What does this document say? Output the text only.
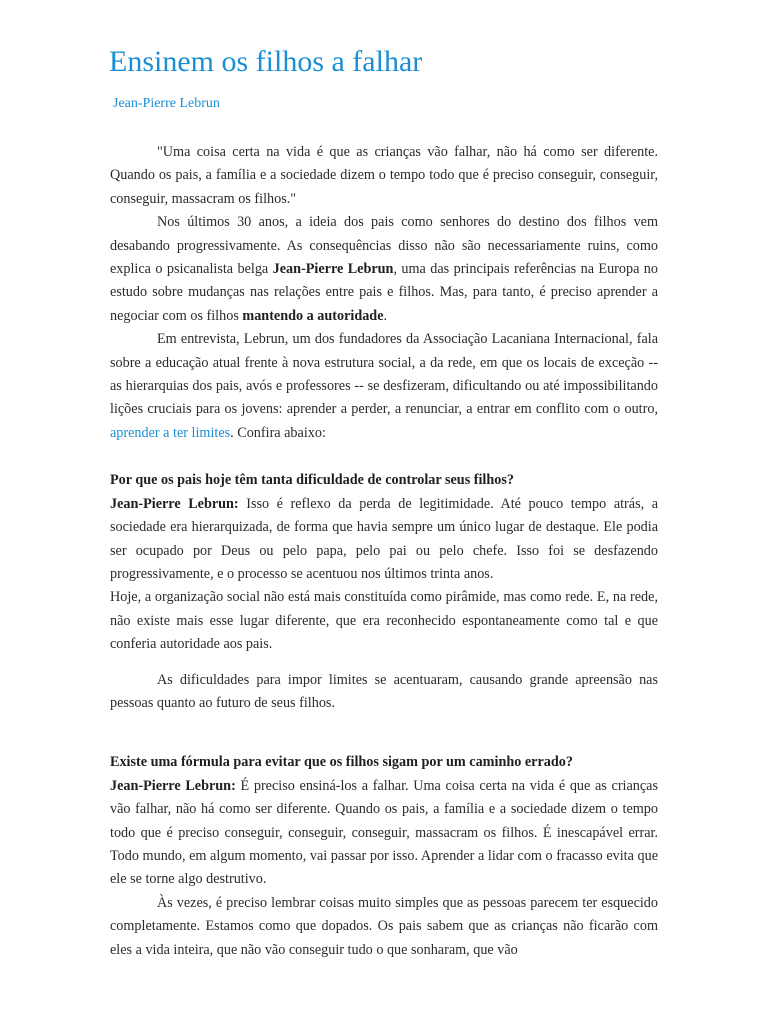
Ensinem os filhos a falhar
Jean-Pierre Lebrun

"Uma coisa certa na vida é que as crianças vão falhar, não há como ser diferente. Quando os pais, a família e a sociedade dizem o tempo todo que é preciso conseguir, conseguir, conseguir, massacram os filhos."

Nos últimos 30 anos, a ideia dos pais como senhores do destino dos filhos vem desabando progressivamente. As consequências disso não são necessariamente ruins, como explica o psicanalista belga Jean-Pierre Lebrun, uma das principais referências na Europa no estudo sobre mudanças nas relações entre pais e filhos. Mas, para tanto, é preciso aprender a negociar com os filhos mantendo a autoridade.

Em entrevista, Lebrun, um dos fundadores da Associação Lacaniana Internacional, fala sobre a educação atual frente à nova estrutura social, a da rede, em que os locais de exceção -- as hierarquias dos pais, avós e professores -- se desfizeram, dificultando ou até impossibilitando lições cruciais para os jovens: aprender a perder, a renunciar, a entrar em conflito com o outro, aprender a ter limites. Confira abaixo:

Por que os pais hoje têm tanta dificuldade de controlar seus filhos?
Jean-Pierre Lebrun: Isso é reflexo da perda de legitimidade. Até pouco tempo atrás, a sociedade era hierarquizada, de forma que havia sempre um único lugar de destaque. Ele podia ser ocupado por Deus ou pelo papa, pelo pai ou pelo chefe. Isso foi se desfazendo progressivamente, e o processo se acentuou nos últimos trinta anos.

Hoje, a organização social não está mais constituída como pirâmide, mas como rede. E, na rede, não existe mais esse lugar diferente, que era reconhecido espontaneamente como tal e que conferia autoridade aos pais.

As dificuldades para impor limites se acentuaram, causando grande apreensão nas pessoas quanto ao futuro de seus filhos.

Existe uma fórmula para evitar que os filhos sigam por um caminho errado?
Jean-Pierre Lebrun: É preciso ensiná-los a falhar. Uma coisa certa na vida é que as crianças vão falhar, não há como ser diferente. Quando os pais, a família e a sociedade dizem o tempo todo que é preciso conseguir, conseguir, conseguir, massacram os filhos. É inescapável errar. Todo mundo, em algum momento, vai passar por isso. Aprender a lidar com o fracasso evita que ele se torne algo destrutivo.

Às vezes, é preciso lembrar coisas muito simples que as pessoas parecem ter esquecido completamente. Estamos como que dopados. Os pais sabem que as crianças não ficarão com eles a vida inteira, que não vão conseguir tudo o que sonharam, que vão
